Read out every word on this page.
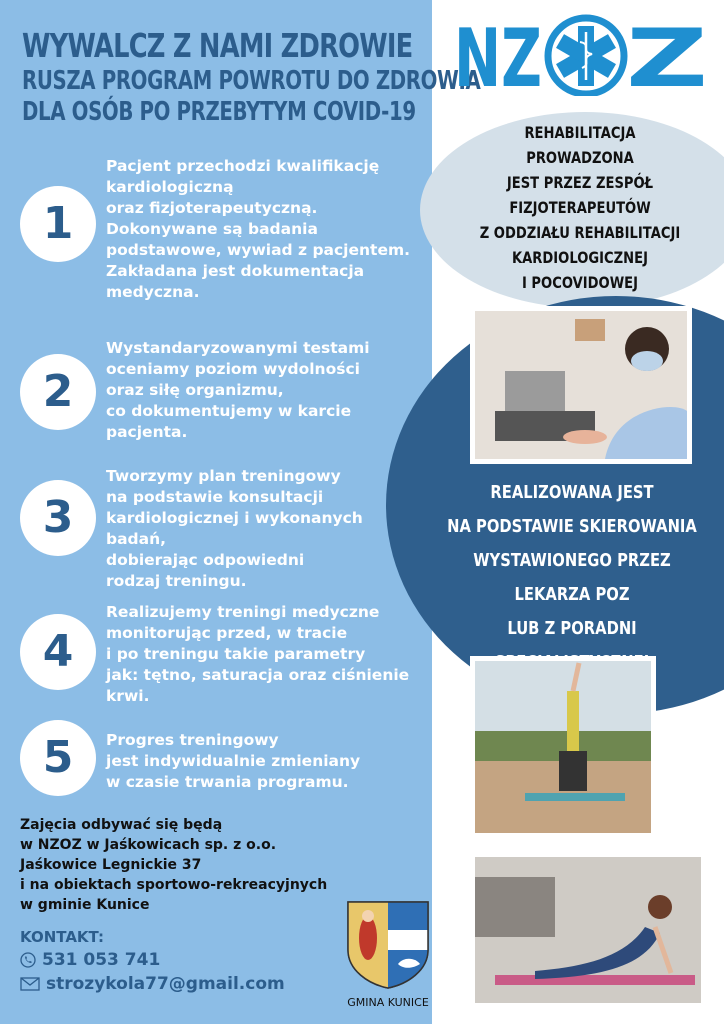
WYWALCZ Z NAMI ZDROWIE
RUSZA PROGRAM POWROTU DO ZDROWIA
DLA OSÓB PO PRZEBYTYM COVID-19
1
Pacjent przechodzi kwalifikację
kardiologiczną
oraz fizjoterapeutyczną.
Dokonywane są badania
podstawowe, wywiad z pacjentem.
Zakładana jest dokumentacja
medyczna.
2
Wystandaryzowanymi testami
oceniamy poziom wydolności
oraz siłę organizmu,
co dokumentujemy w karcie
pacjenta.
3
Tworzymy plan treningowy
na podstawie konsultacji
kardiologicznej i wykonanych badań,
dobierając odpowiedni
rodzaj treningu.
4
Realizujemy treningi medyczne
monitorując przed, w tracie
i po treningu takie parametry
jak: tętno, saturacja oraz ciśnienie
krwi.
5	Progres treningowy
jest indywidualnie zmieniany
w czasie trwania programu.
Zajęcia odbywać się będą
w NZOZ w Jaśkowicach sp. z o.o.
Jaśkowice Legnickie 37
i na obiektach sportowo-rekreacyjnych
w gminie Kunice
KONTAKT:
531 053 741
strozykola77@gmail.com
GMINA KUNICE
REHABILITACJA
PROWADZONA
JEST PRZEZ ZESPÓŁ FIZJOTERAPEUTÓW
Z ODDZIAŁU REHABILITACJI
KARDIOLOGICZNEJ
I POCOVIDOWEJ
NZ Z
REALIZOWANA JEST
NA PODSTAWIE SKIEROWANIA
WYSTAWIONEGO PRZEZ LEKARZA POZ
LUB Z PORADNI
